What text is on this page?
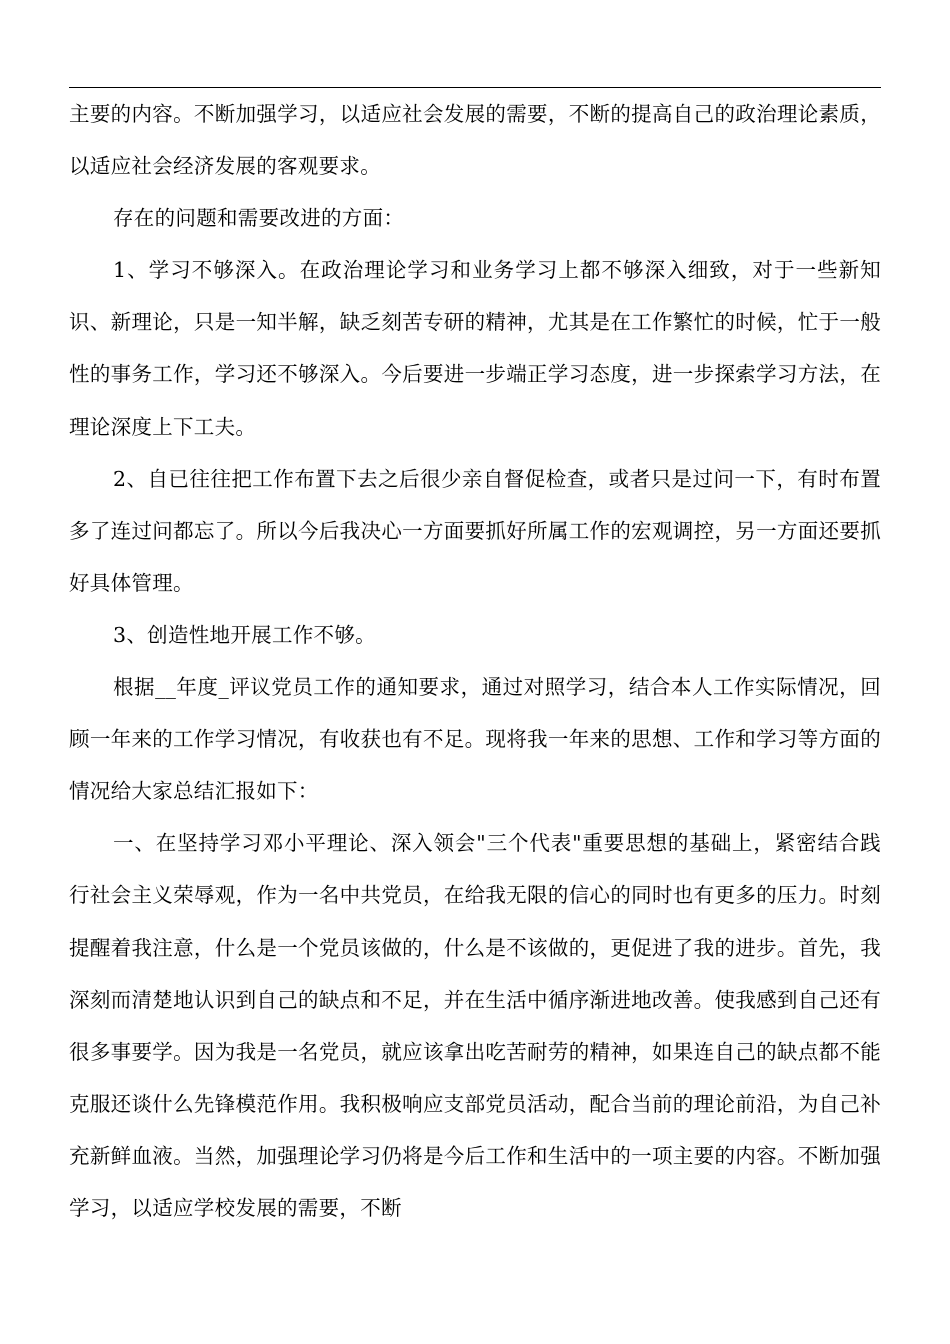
主要的内容。不断加强学习，以适应社会发展的需要，不断的提高自己的政治理论素质，以适应社会经济发展的客观要求。

存在的问题和需要改进的方面：

1、学习不够深入。在政治理论学习和业务学习上都不够深入细致，对于一些新知识、新理论，只是一知半解，缺乏刻苦专研的精神，尤其是在工作繁忙的时候，忙于一般性的事务工作，学习还不够深入。今后要进一步端正学习态度，进一步探索学习方法，在理论深度上下工夫。

2、自已往往把工作布置下去之后很少亲自督促检查，或者只是过问一下，有时布置多了连过问都忘了。所以今后我决心一方面要抓好所属工作的宏观调控，另一方面还要抓好具体管理。

3、创造性地开展工作不够。

根据__年度_评议党员工作的通知要求，通过对照学习，结合本人工作实际情况，回顾一年来的工作学习情况，有收获也有不足。现将我一年来的思想、工作和学习等方面的情况给大家总结汇报如下：

一、在坚持学习邓小平理论、深入领会"三个代表"重要思想的基础上，紧密结合践行社会主义荣辱观，作为一名中共党员，在给我无限的信心的同时也有更多的压力。时刻提醒着我注意，什么是一个党员该做的，什么是不该做的，更促进了我的进步。首先，我深刻而清楚地认识到自己的缺点和不足，并在生活中循序渐进地改善。使我感到自己还有很多事要学。因为我是一名党员，就应该拿出吃苦耐劳的精神，如果连自己的缺点都不能克服还谈什么先锋模范作用。我积极响应支部党员活动，配合当前的理论前沿，为自己补充新鲜血液。当然，加强理论学习仍将是今后工作和生活中的一项主要的内容。不断加强学习，以适应学校发展的需要，不断
